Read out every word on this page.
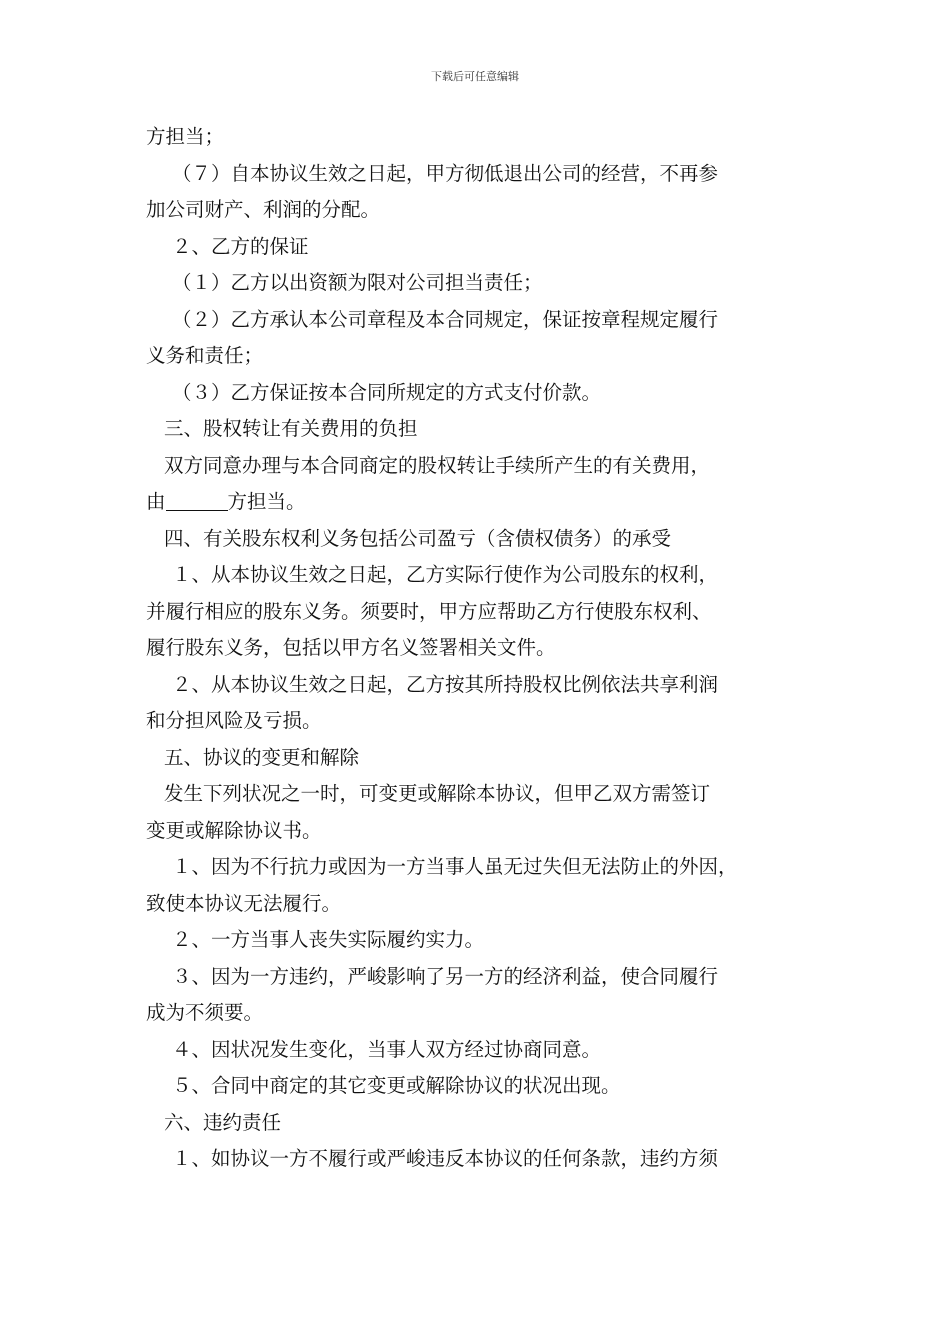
下载后可任意编辑
方担当；
（７）自本协议生效之日起，甲方彻低退出公司的经营，不再参
加公司财产、利润的分配。
２、乙方的保证
（１）乙方以出资额为限对公司担当责任；
（２）乙方承认本公司章程及本合同规定，保证按章程规定履行
义务和责任；
（３）乙方保证按本合同所规定的方式支付价款。
三、股权转让有关费用的负担
双方同意办理与本合同商定的股权转让手续所产生的有关费用，
由	方担当。
四、有关股东权利义务包括公司盈亏（含债权债务）的承受
１、从本协议生效之日起，乙方实际行使作为公司股东的权利，
并履行相应的股东义务。须要时，甲方应帮助乙方行使股东权利、
履行股东义务，包括以甲方名义签署相关文件。
２、从本协议生效之日起，乙方按其所持股权比例依法共享利润
和分担风险及亏损。
五、协议的变更和解除
发生下列状况之一时，可变更或解除本协议，但甲乙双方需签订
变更或解除协议书。
１、因为不行抗力或因为一方当事人虽无过失但无法防止的外因，
致使本协议无法履行。
２、一方当事人丧失实际履约实力。
３、因为一方违约，严峻影响了另一方的经济利益，使合同履行
成为不须要。
４、因状况发生变化，当事人双方经过协商同意。
５、合同中商定的其它变更或解除协议的状况出现。
六、违约责任
１、如协议一方不履行或严峻违反本协议的任何条款，违约方须
